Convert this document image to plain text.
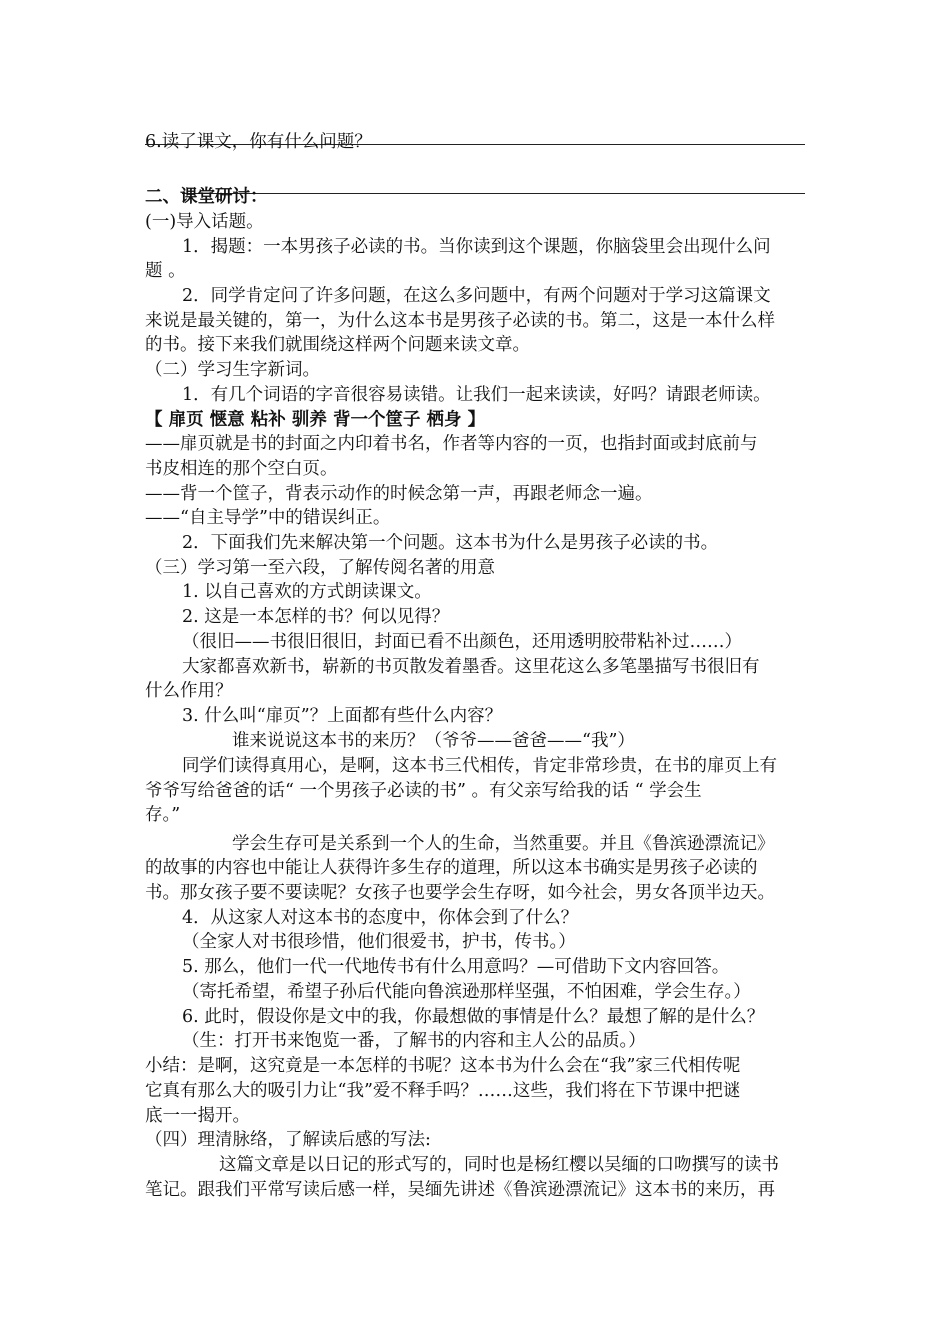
6.读了课文，你有什么问题？
二、课堂研讨：
(一)导入话题。
1．揭题：一本男孩子必读的书。当你读到这个课题，你脑袋里会出现什么问
题 。
2．同学肯定问了许多问题，在这么多问题中，有两个问题对于学习这篇课文
来说是最关键的，第一，为什么这本书是男孩子必读的书。第二，这是一本什么样
的书。接下来我们就围绕这样两个问题来读文章。
（二）学习生字新词。
1．有几个词语的字音很容易读错。让我们一起来读读，好吗？请跟老师读。
【 扉页 惬意 粘补 驯养 背一个筐子 栖身 】
——扉页就是书的封面之内印着书名，作者等内容的一页，也指封面或封底前与
书皮相连的那个空白页。
——背一个筐子，背表示动作的时候念第一声，再跟老师念一遍。
——“自主导学”中的错误纠正。
2．下面我们先来解决第一个问题。这本书为什么是男孩子必读的书。
（三）学习第一至六段，了解传阅名著的用意
1. 以自己喜欢的方式朗读课文。
2. 这是一本怎样的书？何以见得？
（很旧——书很旧很旧，封面已看不出颜色，还用透明胶带粘补过……）
大家都喜欢新书，崭新的书页散发着墨香。这里花这么多笔墨描写书很旧有
什么作用？
3. 什么叫“扉页”？上面都有些什么内容？
谁来说说这本书的来历？（爷爷——爸爸——“我”）
同学们读得真用心，是啊，这本书三代相传，肯定非常珍贵，在书的扉页上有
爷爷写给爸爸的话“ 一个男孩子必读的书” 。有父亲写给我的话 “ 学会生
存。”
学会生存可是关系到一个人的生命，当然重要。并且《鲁滨逊漂流记》
的故事的内容也中能让人获得许多生存的道理，所以这本书确实是男孩子必读的
书。那女孩子要不要读呢？女孩子也要学会生存呀，如今社会，男女各顶半边天。
4．从这家人对这本书的态度中，你体会到了什么？
（全家人对书很珍惜，他们很爱书，护书，传书。）
5. 那么，他们一代一代地传书有什么用意吗？—可借助下文内容回答。
（寄托希望，希望子孙后代能向鲁滨逊那样坚强，不怕困难，学会生存。）
6. 此时，假设你是文中的我，你最想做的事情是什么？最想了解的是什么？
（生：打开书来饱览一番，了解书的内容和主人公的品质。）
小结：是啊，这究竟是一本怎样的书呢？这本书为什么会在“我”家三代相传呢
它真有那么大的吸引力让“我”爱不释手吗？……这些，我们将在下节课中把谜
底一一揭开。
（四）理清脉络，了解读后感的写法:
这篇文章是以日记的形式写的，同时也是杨红樱以吴缅的口吻撰写的读书
笔记。跟我们平常写读后感一样，吴缅先讲述《鲁滨逊漂流记》这本书的来历，再
